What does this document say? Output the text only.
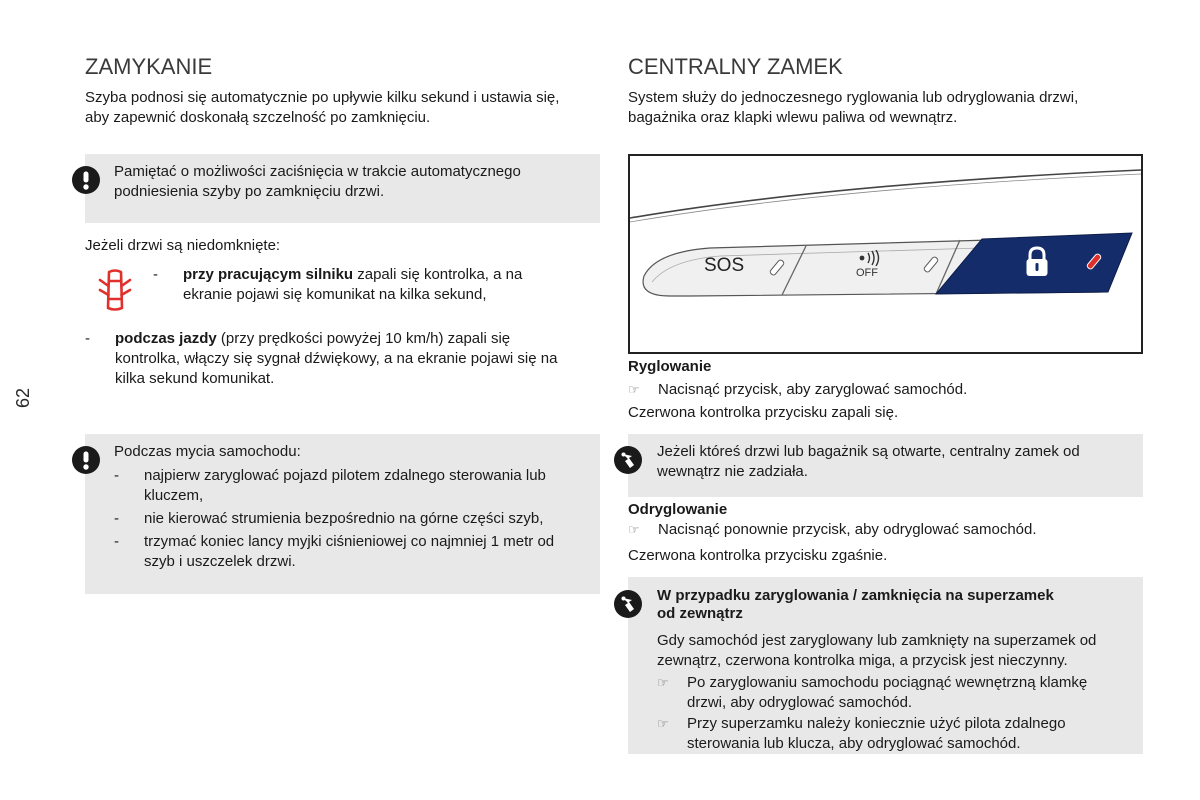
62
ZAMYKANIE

Szyba podnosi się automatycznie po upływie kilku sekund i ustawia się,

aby zapewnić doskonałą szczelność po zamknięciu.

Pamiętać o możliwości zaciśnięcia w trakcie automatycznego

podniesienia szyby po zamknięciu drzwi.

Jeżeli drzwi są niedomknięte:

- przy pracującym silniku zapali się kontrolka, a na

ekranie pojawi się komunikat na kilka sekund,

- podczas jazdy (przy prędkości powyżej 10 km/h) zapali się

kontrolka, włączy się sygnał dźwiękowy, a na ekranie pojawi się na

kilka sekund komunikat.

Podczas mycia samochodu:

- najpierw zaryglować pojazd pilotem zdalnego sterowania lub

kluczem,

- nie kierować strumienia bezpośrednio na górne części szyb,
- trzymać koniec lancy myjki ciśnieniowej co najmniej 1 metr od

szyb i uszczelek drzwi.

CENTRALNY ZAMEK

System służy do jednoczesnego ryglowania lub odryglowania drzwi,

bagażnika oraz klapki wlewu paliwa od wewnątrz.

SOS	OFF

Ryglowanie

☞ Nacisnąć przycisk, aby zaryglować samochód.

Czerwona kontrolka przycisku zapali się.

Jeżeli któreś drzwi lub bagażnik są otwarte, centralny zamek od

wewnątrz nie zadziała.

Odryglowanie

☞ Nacisnąć ponownie przycisk, aby odryglować samochód.

Czerwona kontrolka przycisku zgaśnie.

W przypadku zaryglowania / zamknięcia na superzamek

od zewnątrz

Gdy samochód jest zaryglowany lub zamknięty na superzamek od

zewnątrz, czerwona kontrolka miga, a przycisk jest nieczynny.

☞ Po zaryglowaniu samochodu pociągnąć wewnętrzną klamkę

drzwi, aby odryglować samochód.

☞ Przy superzamku należy koniecznie użyć pilota zdalnego

sterowania lub klucza, aby odryglować samochód.
